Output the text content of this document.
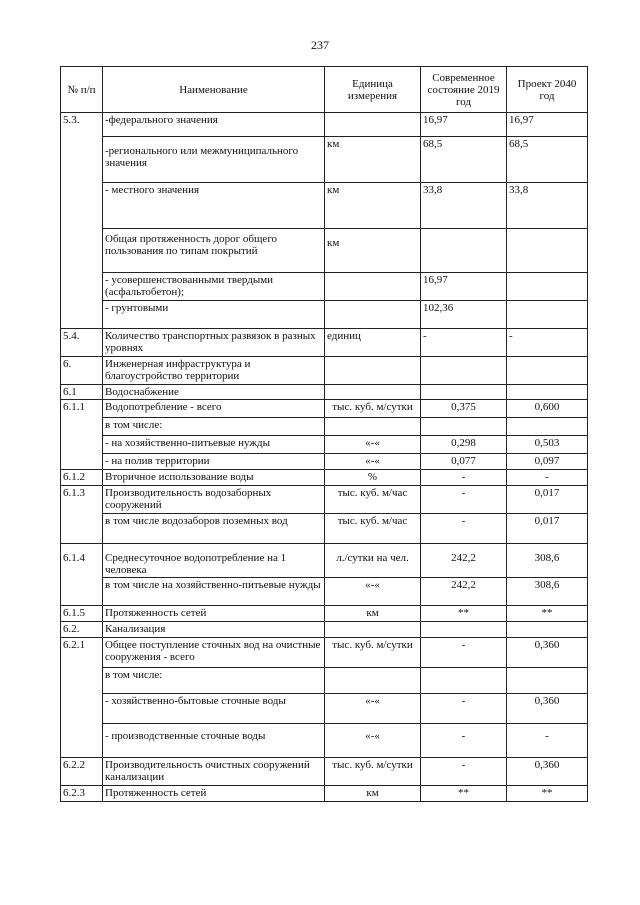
237
№ п/п	Наименование	Единица измерения	Современное состояние 2019 год	Проект 2040 год
5.3.	-федерального значения		16,97	16,97
	-регионального или межмуниципального значения	км	68,5	68,5
	- местного значения	км	33,8	33,8
	Общая протяженность дорог общего пользования по типам покрытий	км		
	- усовершенствованными твердыми (асфальтобетон);		16,97	
	- грунтовыми		102,36	
5.4.	Количество транспортных развязок в разных уровнях	единиц	-	-
6.	Инженерная инфраструктура и благоустройство территории			
6.1	Водоснабжение			
6.1.1	Водопотребление - всего	тыс. куб. м/сутки	0,375	0,600
	в том числе:			
	- на хозяйственно-питьевые нужды	«-«	0,298	0,503
	- на полив территории	«-«	0,077	0,097
6.1.2	Вторичное использование воды	%	-	-
6.1.3	Производительность водозаборных сооружений	тыс. куб. м/час	-	0,017
	в том числе водозаборов поземных вод	тыс. куб. м/час	-	0,017
6.1.4	Среднесуточное водопотребление на 1 человека	л./сутки на чел.	242,2	308,6
	в том числе на хозяйственно-питьевые нужды	«-«	242,2	308,6
6.1.5	Протяженность сетей	км	**	**
6.2.	Канализация			
6.2.1	Общее поступление сточных вод на очистные сооружения - всего	тыс. куб. м/сутки	-	0,360
	в том числе:			
	- хозяйственно-бытовые сточные воды	«-«	-	0,360
	- производственные сточные воды	«-«	-	-
6.2.2	Производительность очистных сооружений канализации	тыс. куб. м/сутки	-	0,360
6.2.3	Протяженность сетей	км	**	**
